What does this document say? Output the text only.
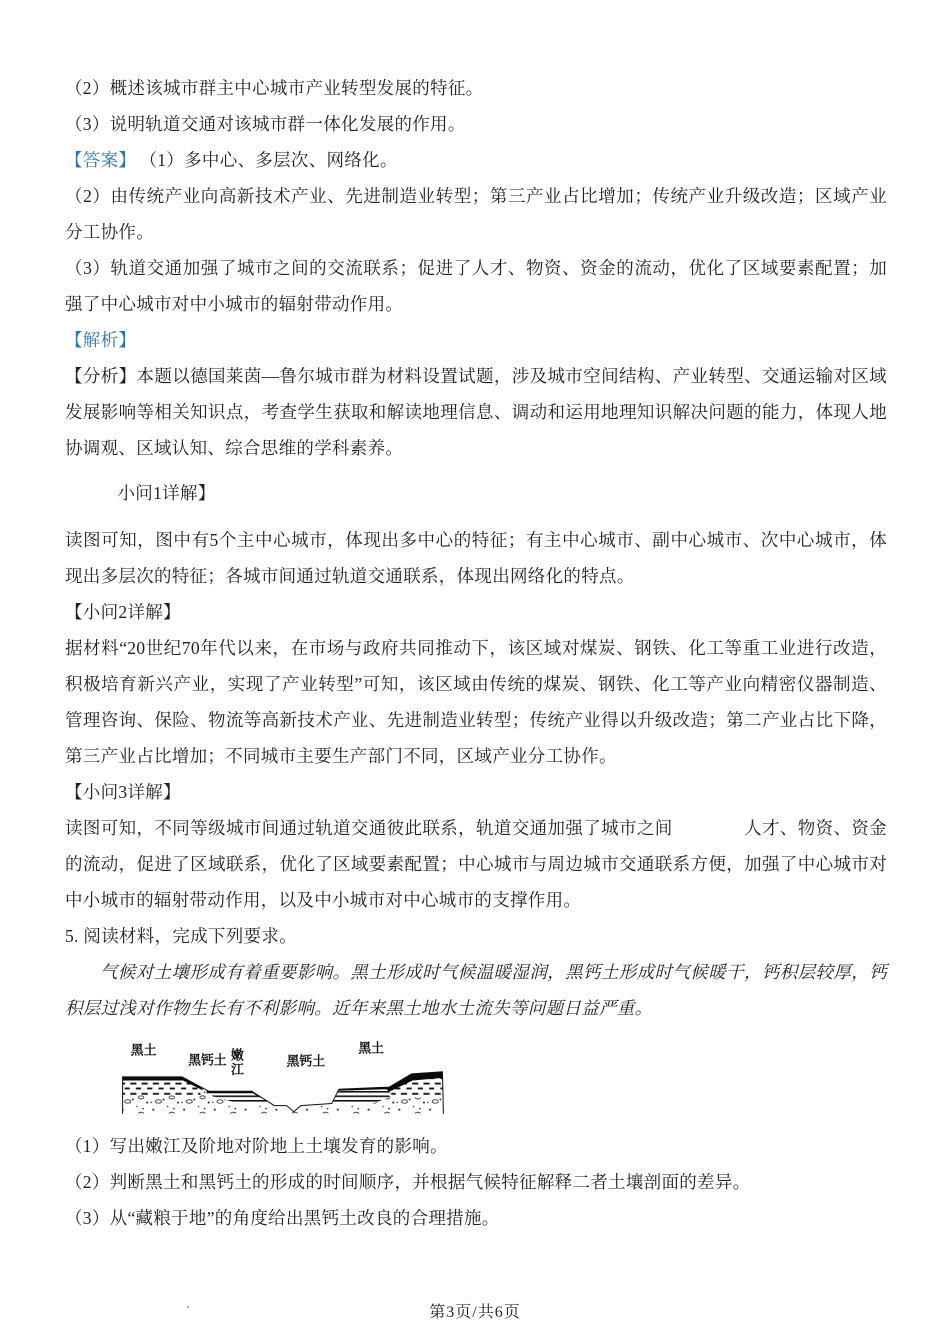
（2）概述该城市群主中心城市产业转型发展的特征。

（3）说明轨道交通对该城市群一体化发展的作用。

【答案】 （1）多中心、多层次、网络化。

（2）由传统产业向高新技术产业、先进制造业转型；第三产业占比增加；传统产业升级改造；区域产业分工协作。

（3）轨道交通加强了城市之间的交流联系；促进了人才、物资、资金的流动，优化了区域要素配置；加强了中心城市对中小城市的辐射带动作用。

【解析】

【分析】本题以德国莱茵—鲁尔城市群为材料设置试题，涉及城市空间结构、产业转型、交通运输对区域发展影响等相关知识点，考查学生获取和解读地理信息、调动和运用地理知识解决问题的能力，体现人地协调观、区域认知、综合思维的学科素养。

小问1详解】

读图可知，图中有5个主中心城市，体现出多中心的特征；有主中心城市、副中心城市、次中心城市，体现出多层次的特征；各城市间通过轨道交通联系，体现出网络化的特点。

【小问2详解】

据材料“20世纪70年代以来，在市场与政府共同推动下，该区域对煤炭、钢铁、化工等重工业进行改造，积极培育新兴产业，实现了产业转型”可知，该区域由传统的煤炭、钢铁、化工等产业向精密仪器制造、管理咨询、保险、物流等高新技术产业、先进制造业转型；传统产业得以升级改造；第二产业占比下降，第三产业占比增加；不同城市主要生产部门不同，区域产业分工协作。

【小问3详解】

读图可知，不同等级城市间通过轨道交通彼此联系，轨道交通加强了城市之间　　　　人才、物资、资金的流动，促进了区域联系，优化了区域要素配置；中心城市与周边城市交通联系方便，加强了中心城市对中小城市的辐射带动作用，以及中小城市对中心城市的支撑作用。

5. 阅读材料，完成下列要求。

气候对土壤形成有着重要影响。黑土形成时气候温暖湿润，黑钙土形成时气候暖干，钙积层较厚，钙积层过浅对作物生长有不利影响。近年来黑土地水土流失等问题日益严重。

黑土
黑钙土 嫩
江
黑钙土
黑土

（1）写出嫩江及阶地对阶地上土壤发育的影响。

（2）判断黑土和黑钙土的形成的时间顺序，并根据气候特征解释二者土壤剖面的差异。

（3）从“藏粮于地”的角度给出黑钙土改良的合理措施。

第3页/共6页
